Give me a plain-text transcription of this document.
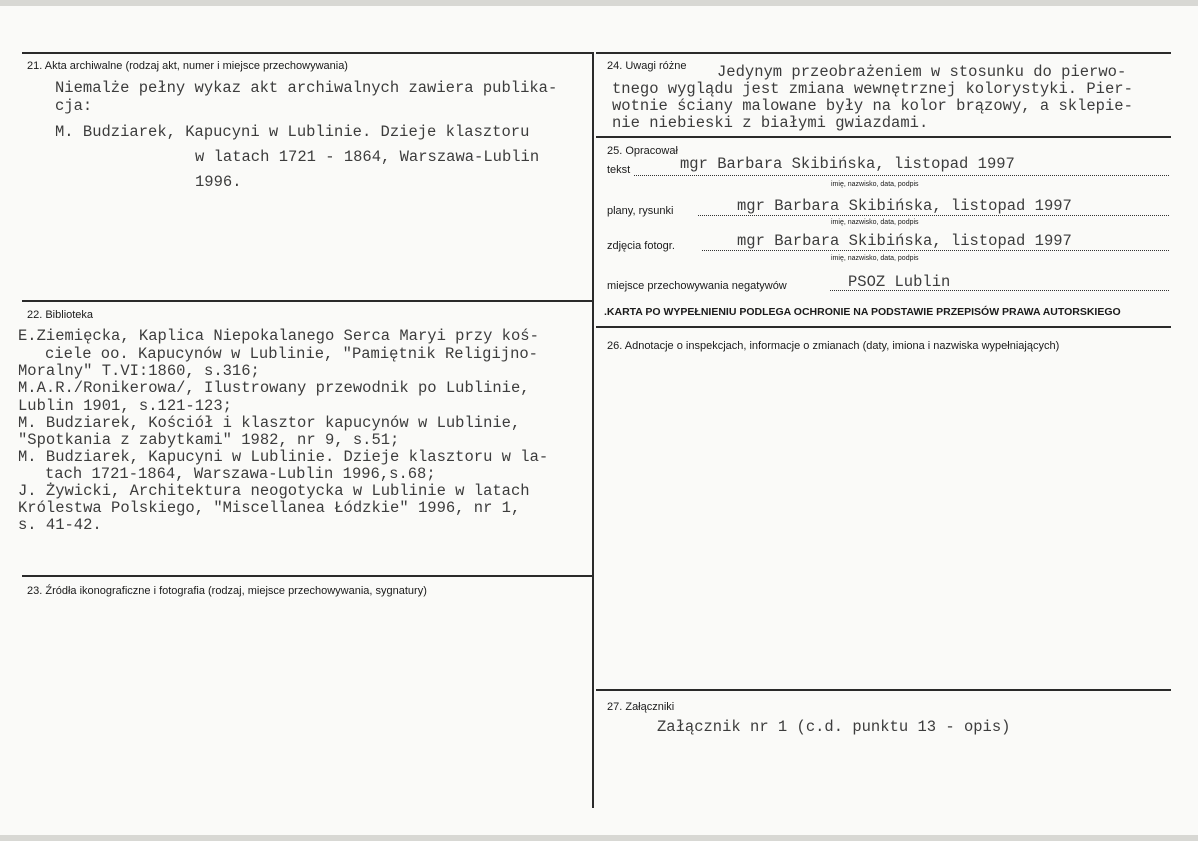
21. Akta archiwalne (rodzaj akt, numer i miejsce przechowywania)
Niemalże pełny wykaz akt archiwalnych zawiera publika-
cja:
M. Budziarek, Kapucyni w Lublinie. Dzieje klasztoru
w latach 1721 - 1864, Warszawa-Lublin
1996.
22. Biblioteka
E.Ziemięcka, Kaplica Niepokalanego Serca Maryi przy koś-
ciele oo. Kapucynów w Lublinie, "Pamiętnik Religijno-
Moralny" T.VI:1860, s.316;
M.A.R./Ronikerowa/, Ilustrowany przewodnik po Lublinie,
Lublin 1901, s.121-123;
M. Budziarek, Kościół i klasztor kapucynów w Lublinie,
"Spotkania z zabytkami" 1982, nr 9, s.51;
M. Budziarek, Kapucyni w Lublinie. Dzieje klasztoru w la-
tach 1721-1864, Warszawa-Lublin 1996,s.68;
J. Żywicki, Architektura neogotycka w Lublinie w latach
Królestwa Polskiego, "Miscellanea Łódzkie" 1996, nr 1,
s. 41-42.
23. Źródła ikonograficzne i fotografia (rodzaj, miejsce przechowywania, sygnatury)
24. Uwagi różne Jedynym przeobrażeniem w stosunku do pierwo-
tnego wyglądu jest zmiana wewnętrznej kolorystyki. Pier-
wotnie ściany malowane były na kolor brązowy, a sklepie-
nie niebieski z białymi gwiazdami.
25. Opracował
tekst	mgr Barbara Skibińska, listopad 1997
imię, nazwisko, data, podpis
plany, rysunki	mgr Barbara Skibińska, listopad 1997
imię, nazwisko, data, podpis
zdjęcia fotogr.	mgr Barbara Skibińska, listopad 1997
imię, nazwisko, data, podpis
miejsce przechowywania negatywów	PSOZ Lublin
.KARTA PO WYPEŁNIENIU PODLEGA OCHRONIE NA PODSTAWIE PRZEPISÓW PRAWA AUTORSKIEGO
26. Adnotacje o inspekcjach, informacje o zmianach (daty, imiona i nazwiska wypełniających)
27. Załączniki
Załącznik nr 1 (c.d. punktu 13 - opis)
